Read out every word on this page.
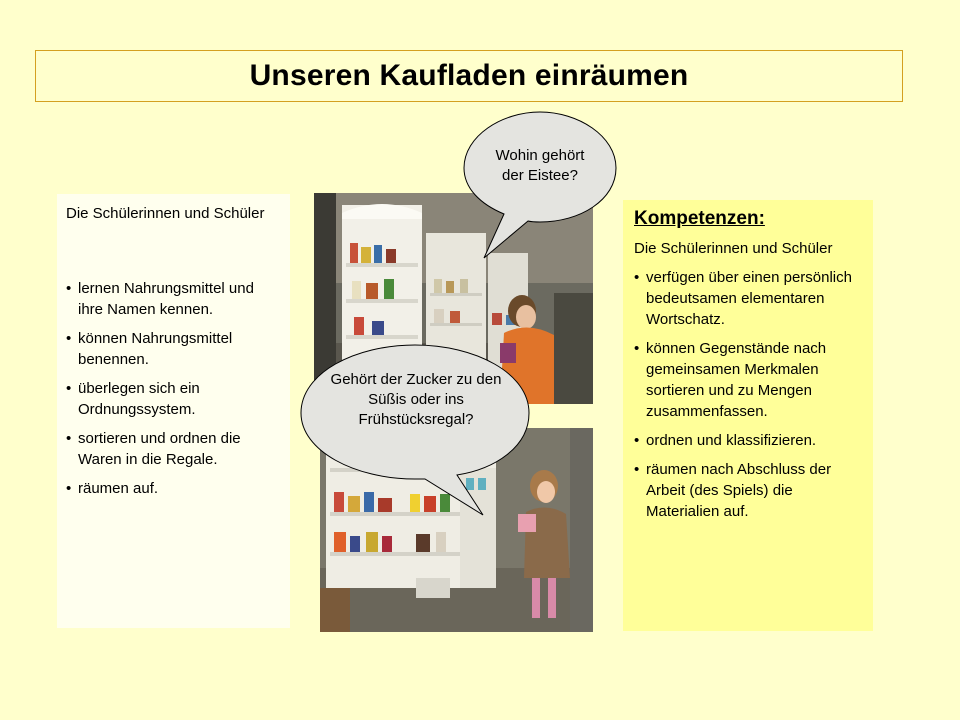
Unseren Kaufladen einräumen

Die Schülerinnen und Schüler

• lernen Nahrungsmittel und ihre Namen kennen.
• können Nahrungsmittel benennen.
• überlegen sich ein Ordnungssystem.
• sortieren und ordnen die Waren in die Regale.
• räumen auf.
Wohin gehört der Eistee?
Gehört der Zucker zu den Süßis oder ins Frühstücksregal?
Kompetenzen:

Die Schülerinnen und Schüler

• verfügen über einen persönlich bedeutsamen elementaren Wortschatz.
• können Gegenstände nach gemeinsamen Merkmalen sortieren und zu Mengen zusammenfassen.
• ordnen und klassifizieren.
• räumen nach Abschluss der Arbeit (des Spiels) die Materialien auf.
